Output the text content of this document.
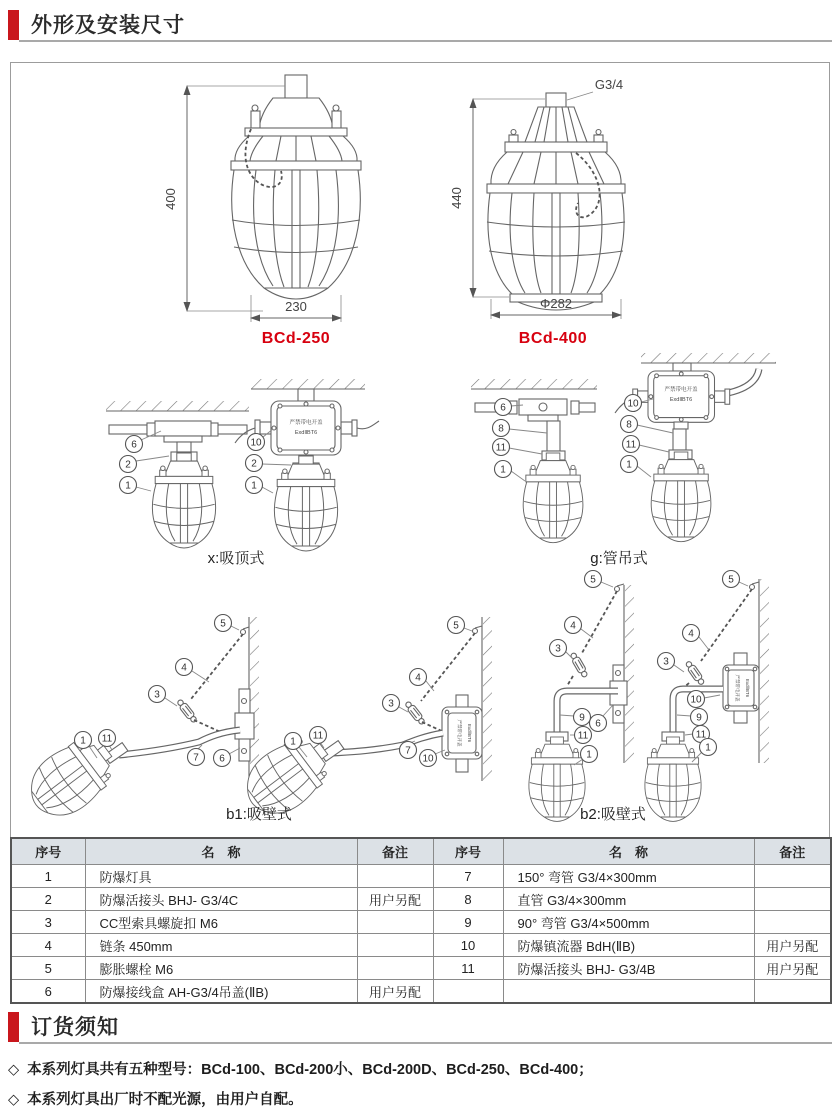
外形及安装尺寸
400
230
BCd-250
G3/4
440
Φ282
BCd-400
严禁带电开盖
ExdⅡBT6
6
2
1
10
2
1
x:吸顶式
严禁带电开盖
ExdⅡBT6
6
8
11
1
10
8
11
1
g:管吊式
严禁带电开盖 ExdⅡBT6
5
4
3
1 11
7 6
5
4
3
1
11
7
10
b1:吸壁式
严禁带电开盖 ExdⅡBT6
5
4
3
6
9
11
1
5
4
3
10
9
11
1
b2:吸壁式
序号	名　称	备注	序号	名　称	备注
1	防爆灯具		7	150° 弯管 G3/4×300mm	
2	防爆活接头 BHJ- G3/4C	用户另配	8	直管 G3/4×300mm	
3	CC型索具螺旋扣 M6		9	90° 弯管 G3/4×500mm	
4	链条 450mm		10	防爆镇流器 BdH(ⅡB)	用户另配
5	膨胀螺栓 M6		11	防爆活接头 BHJ- G3/4B	用户另配
6	防爆接线盒 AH-G3/4吊盖(ⅡB)	用户另配			
订货须知
◇ 本系列灯具共有五种型号：BCd-100、BCd-200小、BCd-200D、BCd-250、BCd-400；
◇ 本系列灯具出厂时不配光源，由用户自配。
